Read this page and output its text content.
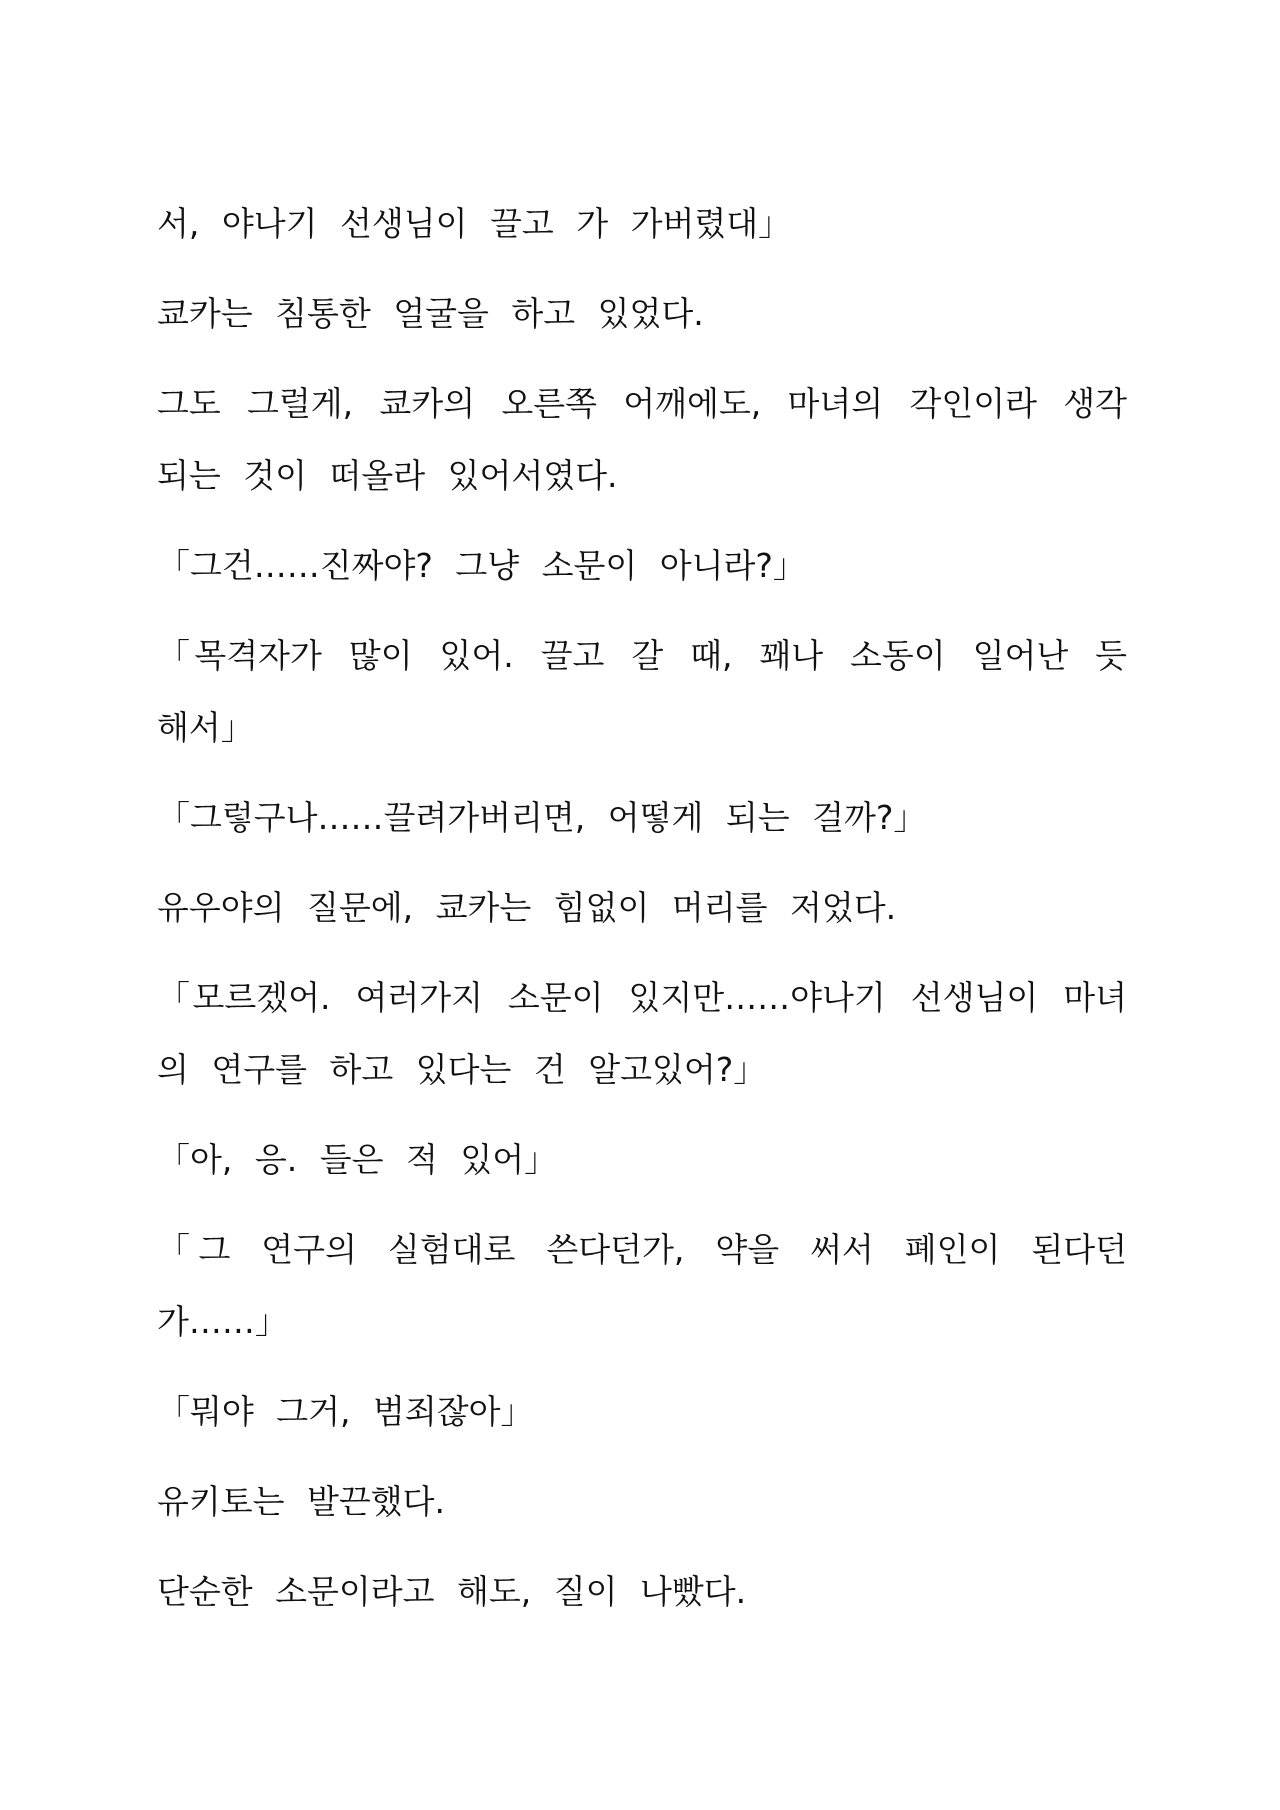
서, 야나기 선생님이 끌고 가 가버렸대」

쿄카는 침통한 얼굴을 하고 있었다.

그도 그럴게, 쿄카의 오른쪽 어깨에도, 마녀의 각인이라 생각되는 것이 떠올라 있어서였다.

「그건……진짜야? 그냥 소문이 아니라?」

「목격자가 많이 있어. 끌고 갈 때, 꽤나 소동이 일어난 듯 해서」

「그렇구나……끌려가버리면, 어떻게 되는 걸까?」

유우야의 질문에, 쿄카는 힘없이 머리를 저었다.

「모르겠어. 여러가지 소문이 있지만……야나기 선생님이 마녀의 연구를 하고 있다는 건 알고있어?」

「아, 응. 들은 적 있어」

「그 연구의 실험대로 쓴다던가, 약을 써서 폐인이 된다던가……」

「뭐야 그거, 범죄잖아」

유키토는 발끈했다.

단순한 소문이라고 해도, 질이 나빴다.
